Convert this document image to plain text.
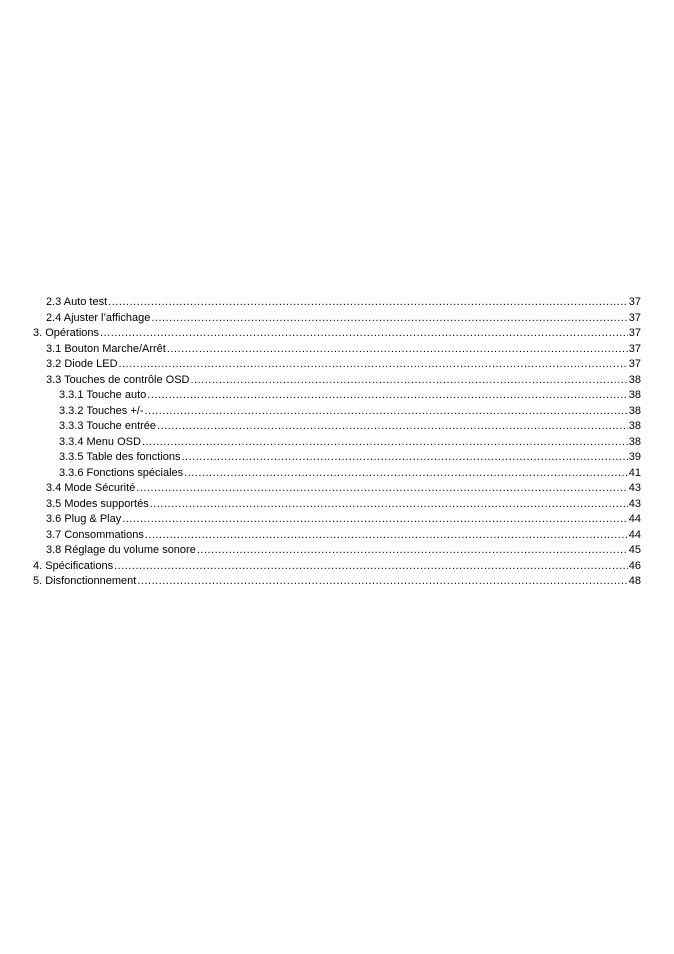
2.3 Auto test .....	37
2.4 Ajuster l’affichage .....	37
3. Opérations .....	37
3.1 Bouton Marche/Arrêt .....	37
3.2 Diode LED .....	37
3.3 Touches de contrôle OSD .....	38
3.3.1 Touche auto .....	38
3.3.2 Touches +/- .....	38
3.3.3 Touche entrée .....	38
3.3.4 Menu OSD .....	38
3.3.5 Table des fonctions .....	39
3.3.6 Fonctions spéciales .....	41
3.4 Mode Sécurité .....	43
3.5 Modes supportés .....	43
3.6 Plug & Play .....	44
3.7 Consommations .....	44
3.8 Réglage du volume sonore .....	45
4. Spécifications .....	46
5. Disfonctionnement .....	48
